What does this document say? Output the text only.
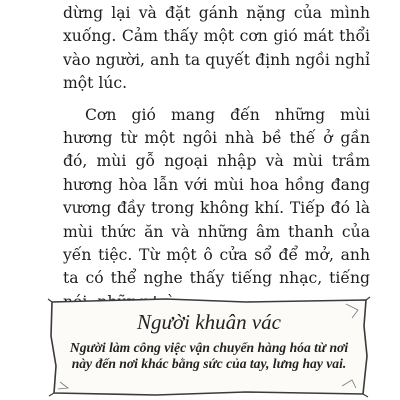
dừng lại và đặt gánh nặng của mình xuống. Cảm thấy một cơn gió mát thổi vào người, anh ta quyết định ngồi nghỉ một lúc.

Cơn gió mang đến những mùi hương từ một ngôi nhà bề thế ở gần đó, mùi gỗ ngoại nhập và mùi trầm hương hòa lẫn với mùi hoa hồng đang vương đầy trong không khí. Tiếp đó là mùi thức ăn và những âm thanh của yến tiệc. Từ một ô cửa sổ để mở, anh ta có thể nghe thấy tiếng nhạc, tiếng

Người khuân vác
Người làm công việc vận chuyển hàng hóa từ nơi này đến nơi khác bằng sức của tay, lưng hay vai.
